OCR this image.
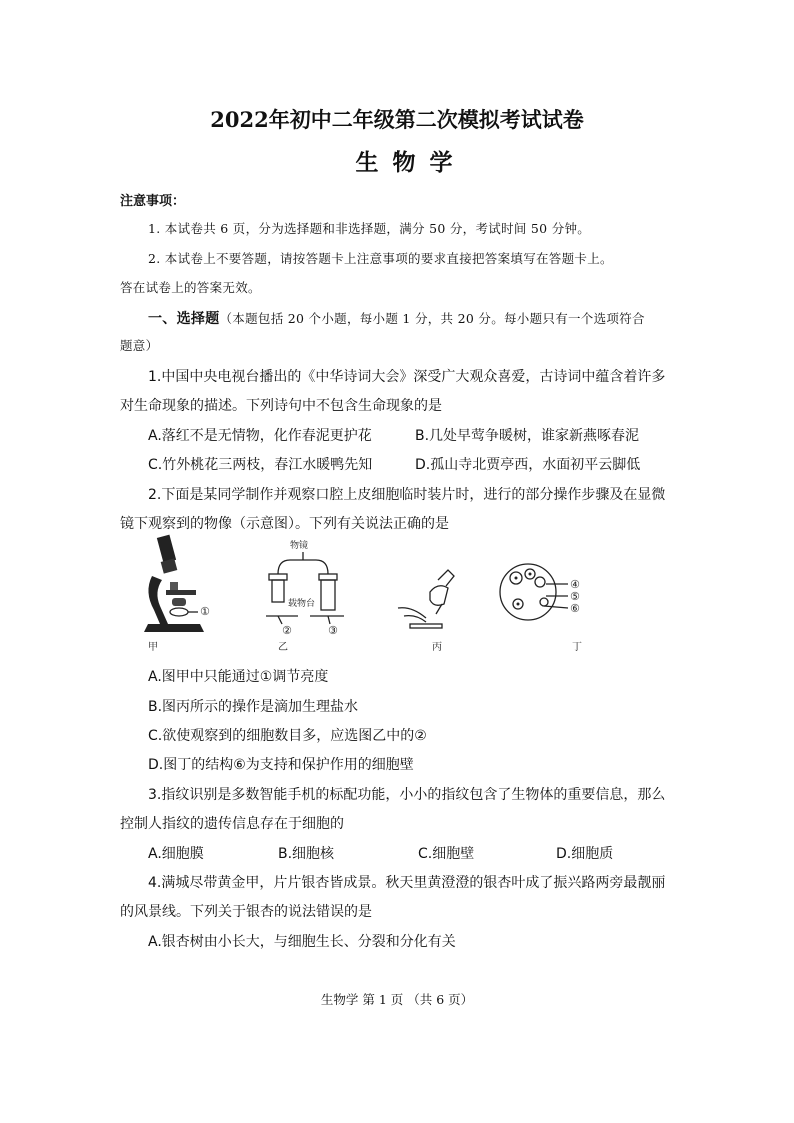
2022年初中二年级第二次模拟考试试卷
生物学
注意事项：
1. 本试卷共 6 页，分为选择题和非选择题，满分 50 分，考试时间 50 分钟。
2. 本试卷上不要答题，请按答题卡上注意事项的要求直接把答案填写在答题卡上。
答在试卷上的答案无效。
一、选择题（本题包括 20 个小题，每小题 1 分，共 20 分。每小题只有一个选项符合
题意）
1.中国中央电视台播出的《中华诗词大会》深受广大观众喜爱，古诗词中蕴含着许多
对生命现象的描述。下列诗句中不包含生命现象的是
A.落红不是无情物，化作春泥更护花	B.几处早莺争暖树，谁家新燕啄春泥
C.竹外桃花三两枝，春江水暖鸭先知	D.孤山寺北贾亭西，水面初平云脚低
2.下面是某同学制作并观察口腔上皮细胞临时装片时，进行的部分操作步骤及在显微
镜下观察到的物像（示意图）。下列有关说法正确的是
①
甲
物镜
载物台
②	③
乙	丙
④
⑤
⑥
丁
A.图甲中只能通过①调节亮度
B.图丙所示的操作是滴加生理盐水
C.欲使观察到的细胞数目多，应选图乙中的②
D.图丁的结构⑥为支持和保护作用的细胞壁
3.指纹识别是多数智能手机的标配功能，小小的指纹包含了生物体的重要信息，那么
控制人指纹的遗传信息存在于细胞的
A.细胞膜	B.细胞核	C.细胞壁	D.细胞质
4.满城尽带黄金甲，片片银杏皆成景。秋天里黄澄澄的银杏叶成了振兴路两旁最靓丽
的风景线。下列关于银杏的说法错误的是
A.银杏树由小长大，与细胞生长、分裂和分化有关
生物学 第 1 页 （共 6 页）
